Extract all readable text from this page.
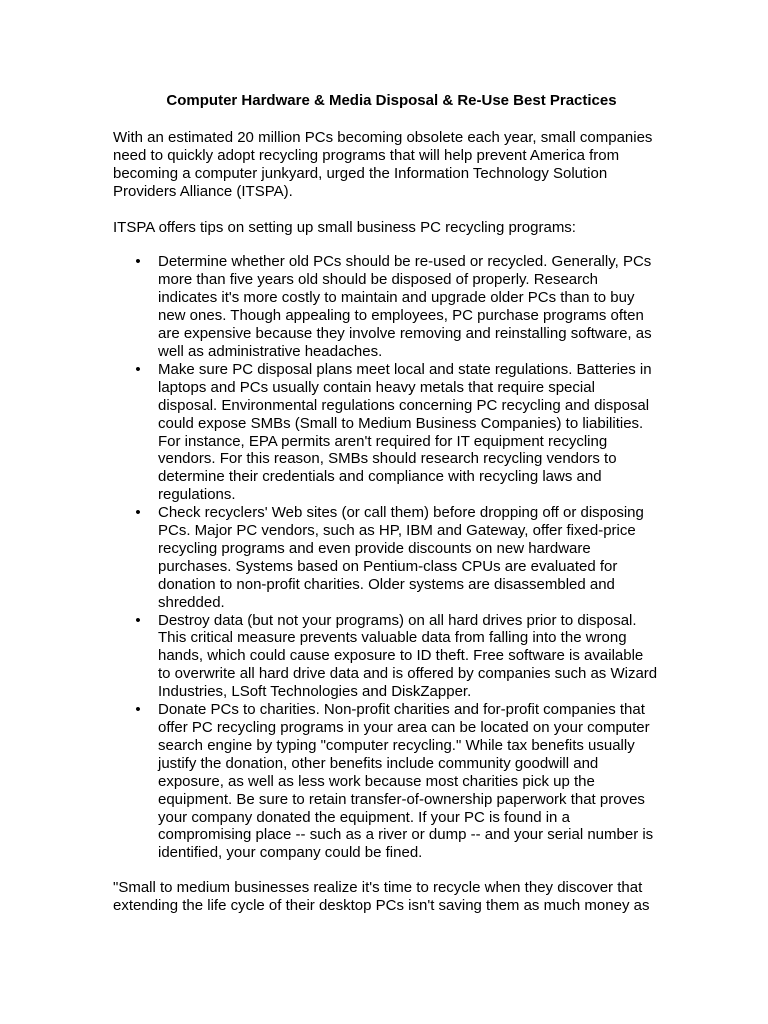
Computer Hardware & Media Disposal & Re-Use Best Practices

With an estimated 20 million PCs becoming obsolete each year, small companies need to quickly adopt recycling programs that will help prevent America from becoming a computer junkyard, urged the Information Technology Solution Providers Alliance (ITSPA).

ITSPA offers tips on setting up small business PC recycling programs:

• Determine whether old PCs should be re-used or recycled. Generally, PCs more than five years old should be disposed of properly. Research indicates it's more costly to maintain and upgrade older PCs than to buy new ones. Though appealing to employees, PC purchase programs often are expensive because they involve removing and reinstalling software, as well as administrative headaches.
• Make sure PC disposal plans meet local and state regulations. Batteries in laptops and PCs usually contain heavy metals that require special disposal. Environmental regulations concerning PC recycling and disposal could expose SMBs (Small to Medium Business Companies) to liabilities. For instance, EPA permits aren't required for IT equipment recycling vendors. For this reason, SMBs should research recycling vendors to determine their credentials and compliance with recycling laws and regulations.
• Check recyclers' Web sites (or call them) before dropping off or disposing PCs. Major PC vendors, such as HP, IBM and Gateway, offer fixed-price recycling programs and even provide discounts on new hardware purchases. Systems based on Pentium-class CPUs are evaluated for donation to non-profit charities. Older systems are disassembled and shredded.
• Destroy data (but not your programs) on all hard drives prior to disposal. This critical measure prevents valuable data from falling into the wrong hands, which could cause exposure to ID theft. Free software is available to overwrite all hard drive data and is offered by companies such as Wizard Industries, LSoft Technologies and DiskZapper.
• Donate PCs to charities. Non-profit charities and for-profit companies that offer PC recycling programs in your area can be located on your computer search engine by typing "computer recycling." While tax benefits usually justify the donation, other benefits include community goodwill and exposure, as well as less work because most charities pick up the equipment. Be sure to retain transfer-of-ownership paperwork that proves your company donated the equipment. If your PC is found in a compromising place -- such as a river or dump -- and your serial number is identified, your company could be fined.

"Small to medium businesses realize it's time to recycle when they discover that extending the life cycle of their desktop PCs isn't saving them as much money as
